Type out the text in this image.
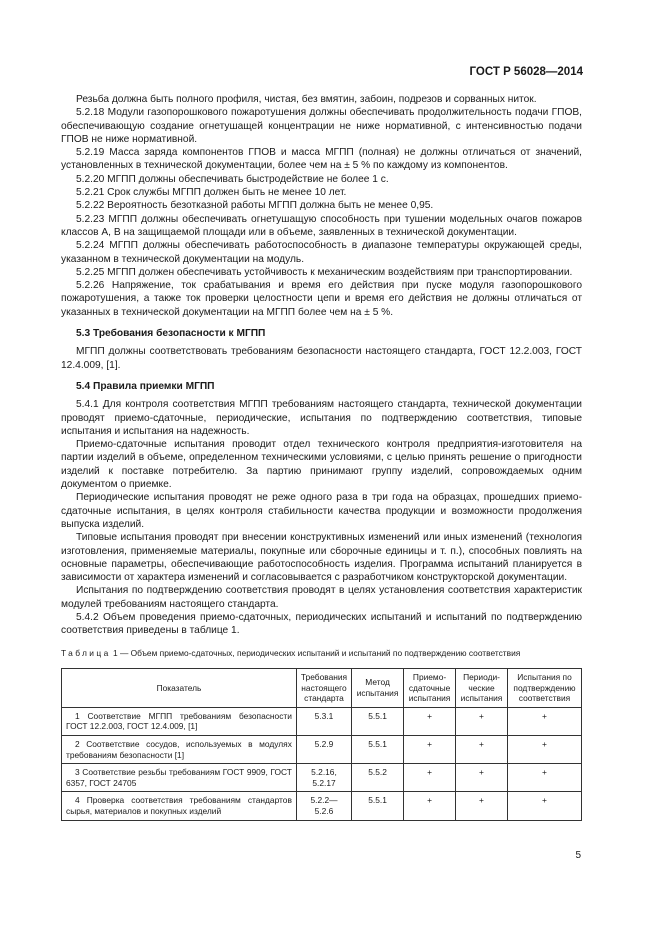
ГОСТ Р 56028—2014

Резьба должна быть полного профиля, чистая, без вмятин, забоин, подрезов и сорванных ниток.

5.2.18 Модули газопорошкового пожаротушения должны обеспечивать продолжительность подачи ГПОВ, обеспечивающую создание огнетушащей концентрации не ниже нормативной, с интенсивностью подачи ГПОВ не ниже нормативной.

5.2.19 Масса заряда компонентов ГПОВ и масса МГПП (полная) не должны отличаться от значений, установленных в технической документации, более чем на ± 5 % по каждому из компонентов.

5.2.20 МГПП должны обеспечивать быстродействие не более 1 с.

5.2.21 Срок службы МГПП должен быть не менее 10 лет.

5.2.22 Вероятность безотказной работы МГПП должна быть не менее 0,95.

5.2.23 МГПП должны обеспечивать огнетушащую способность при тушении модельных очагов пожаров классов А, В на защищаемой площади или в объеме, заявленных в технической документации.

5.2.24 МГПП должны обеспечивать работоспособность в диапазоне температуры окружающей среды, указанном в технической документации на модуль.

5.2.25 МГПП должен обеспечивать устойчивость к механическим воздействиям при транспортировании.

5.2.26 Напряжение, ток срабатывания и время его действия при пуске модуля газопорошкового пожаротушения, а также ток проверки целостности цепи и время его действия не должны отличаться от указанных в технической документации на МГПП более чем на ± 5 %.

5.3 Требования безопасности к МГПП

МГПП должны соответствовать требованиям безопасности настоящего стандарта, ГОСТ 12.2.003, ГОСТ 12.4.009, [1].

5.4 Правила приемки МГПП

5.4.1 Для контроля соответствия МГПП требованиям настоящего стандарта, технической документации проводят приемо-сдаточные, периодические, испытания по подтверждению соответствия, типовые испытания и испытания на надежность.

Приемо-сдаточные испытания проводит отдел технического контроля предприятия-изготовителя на партии изделий в объеме, определенном техническими условиями, с целью принять решение о пригодности изделий к поставке потребителю. За партию принимают группу изделий, сопровождаемых одним документом о приемке.

Периодические испытания проводят не реже одного раза в три года на образцах, прошедших приемо-сдаточные испытания, в целях контроля стабильности качества продукции и возможности продолжения выпуска изделий.

Типовые испытания проводят при внесении конструктивных изменений или иных изменений (технология изготовления, применяемые материалы, покупные или сборочные единицы и т. п.), способных повлиять на основные параметры, обеспечивающие работоспособность изделия. Программа испытаний планируется в зависимости от характера изменений и согласовывается с разработчиком конструкторской документации.

Испытания по подтверждению соответствия проводят в целях установления соответствия характеристик модулей требованиям настоящего стандарта.

5.4.2 Объем проведения приемо-сдаточных, периодических испытаний и испытаний по подтверждению соответствия приведены в таблице 1.

Таблица 1 — Объем приемо-сдаточных, периодических испытаний и испытаний по подтверждению соответствия
Показатель	Требования настоящего стандарта	Метод испытания	Приемо-сдаточные испытания	Периоди-ческие испытания	Испытания по подтверждению соответствия
1 Соответствие МГПП требованиям безопасности ГОСТ 12.2.003, ГОСТ 12.4.009, [1]	5.3.1	5.5.1	+	+	+
2 Соответствие сосудов, используемых в модулях требованиям безопасности [1]	5.2.9	5.5.1	+	+	+
3 Соответствие резьбы требованиям ГОСТ 9909, ГОСТ 6357, ГОСТ 24705	5.2.16, 5.2.17	5.5.2	+	+	+
4 Проверка соответствия требованиям стандартов сырья, материалов и покупных изделий	5.2.2— 5.2.6	5.5.1	+	+	+
5
